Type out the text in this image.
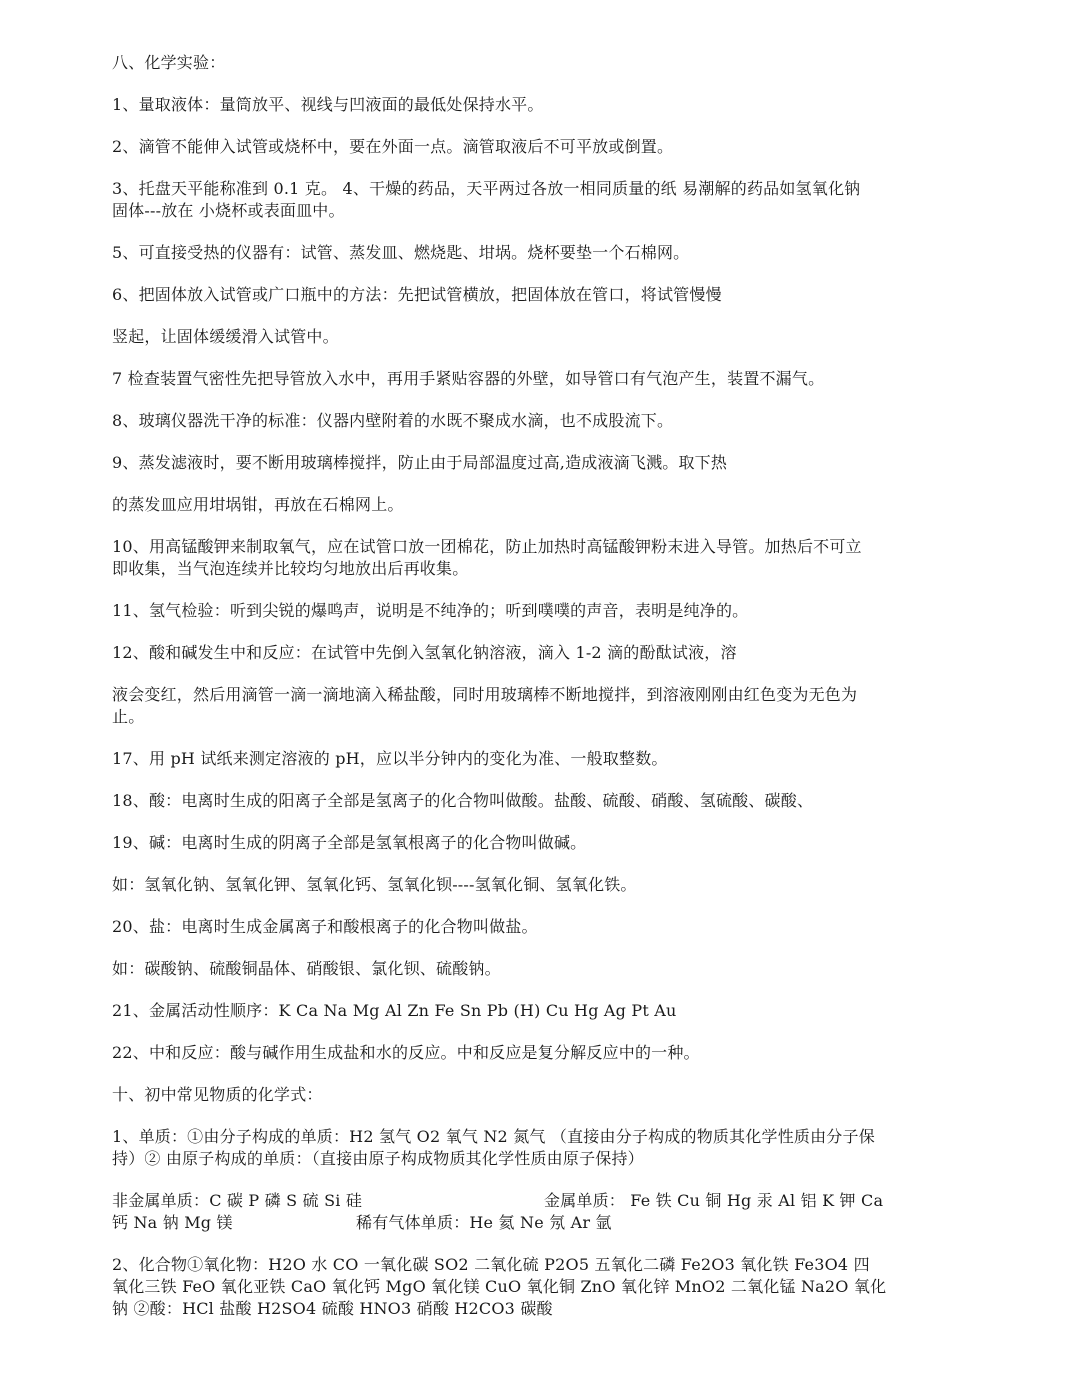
八、化学实验：

1、量取液体：量筒放平、视线与凹液面的最低处保持水平。

2、滴管不能伸入试管或烧杯中，要在外面一点。滴管取液后不可平放或倒置。

3、托盘天平能称准到 0.1 克。 4、干燥的药品，天平两过各放一相同质量的纸 易潮解的药品如氢氧化钠
固体---放在 小烧杯或表面皿中。

5、可直接受热的仪器有：试管、蒸发皿、燃烧匙、坩埚。烧杯要垫一个石棉网。

6、把固体放入试管或广口瓶中的方法：先把试管横放，把固体放在管口，将试管慢慢

竖起，让固体缓缓滑入试管中。

7 检查装置气密性先把导管放入水中，再用手紧贴容器的外壁，如导管口有气泡产生，装置不漏气。

8、玻璃仪器洗干净的标准：仪器内壁附着的水既不聚成水滴，也不成股流下。

9、蒸发滤液时，要不断用玻璃棒搅拌，防止由于局部温度过高,造成液滴飞溅。取下热

的蒸发皿应用坩埚钳，再放在石棉网上。

10、用高锰酸钾来制取氧气，应在试管口放一团棉花，防止加热时高锰酸钾粉末进入导管。加热后不可立
即收集，当气泡连续并比较均匀地放出后再收集。

11、氢气检验：听到尖锐的爆鸣声，说明是不纯净的；听到噗噗的声音，表明是纯净的。

12、酸和碱发生中和反应：在试管中先倒入氢氧化钠溶液，滴入 1-2 滴的酚酞试液，溶

液会变红，然后用滴管一滴一滴地滴入稀盐酸，同时用玻璃棒不断地搅拌，到溶液刚刚由红色变为无色为
止。

17、用 pH 试纸来测定溶液的 pH，应以半分钟内的变化为准、一般取整数。

18、酸：电离时生成的阳离子全部是氢离子的化合物叫做酸。盐酸、硫酸、硝酸、氢硫酸、碳酸、

19、碱：电离时生成的阴离子全部是氢氧根离子的化合物叫做碱。

如：氢氧化钠、氢氧化钾、氢氧化钙、氢氧化钡----氢氧化铜、氢氧化铁。

20、盐：电离时生成金属离子和酸根离子的化合物叫做盐。

如：碳酸钠、硫酸铜晶体、硝酸银、氯化钡、硫酸钠。

21、金属活动性顺序：K Ca Na Mg Al Zn Fe Sn Pb (H) Cu Hg Ag Pt Au

22、中和反应：酸与碱作用生成盐和水的反应。中和反应是复分解反应中的一种。

十、初中常见物质的化学式：

1、单质：①由分子构成的单质：H2 氢气 O2 氧气 N2 氮气 （直接由分子构成的物质其化学性质由分子保
持）② 由原子构成的单质：（直接由原子构成物质其化学性质由原子保持）

非金属单质：C 碳 P 磷 S 硫 Si 硅	金属单质： Fe 铁 Cu 铜 Hg 汞 Al 铝 K 钾 Ca
钙 Na 钠 Mg 镁	稀有气体单质：He 氦 Ne 氖 Ar 氩

2、化合物①氧化物：H2O 水 CO 一氧化碳 SO2 二氧化硫 P2O5 五氧化二磷 Fe2O3 氧化铁 Fe3O4 四
氧化三铁 FeO 氧化亚铁 CaO 氧化钙 MgO 氧化镁 CuO 氧化铜 ZnO 氧化锌 MnO2 二氧化锰 Na2O 氧化
钠 ②酸：HCl 盐酸 H2SO4 硫酸 HNO3 硝酸 H2CO3 碳酸
